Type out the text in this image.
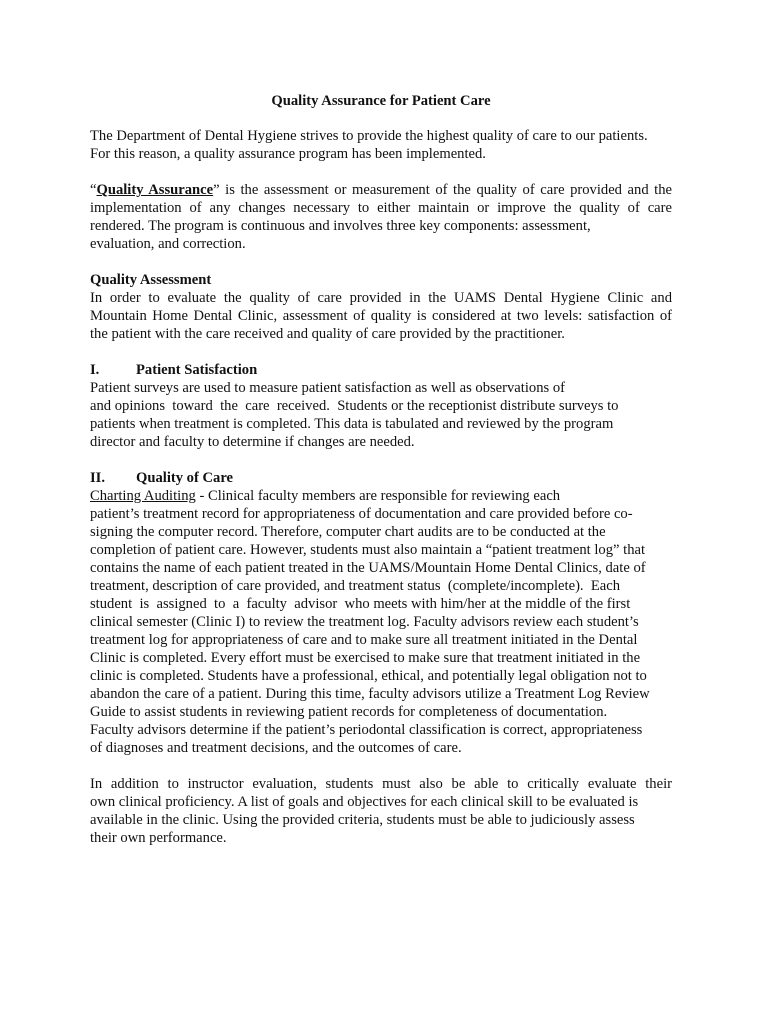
Quality Assurance for Patient Care
The Department of Dental Hygiene strives to provide the highest quality of care to our patients.
For this reason, a quality assurance program has been implemented.
“Quality Assurance” is the assessment or measurement of the quality of care provided and the
implementation of any changes necessary to either maintain or improve the quality of care
rendered. The program is continuous and involves three key components: assessment,
evaluation, and correction.
Quality Assessment
In order to evaluate the quality of care provided in the UAMS Dental Hygiene Clinic and
Mountain Home Dental Clinic, assessment of quality is considered at two levels: satisfaction of
the patient with the care received and quality of care provided by the practitioner.
I.	Patient Satisfaction
Patient surveys are used to measure patient satisfaction as well as observations of
and opinions  toward  the  care  received.  Students or the receptionist distribute surveys to
patients when treatment is completed. This data is tabulated and reviewed by the program
director and faculty to determine if changes are needed.
II. Quality of Care
Charting Auditing - Clinical faculty members are responsible for reviewing each
patient’s treatment record for appropriateness of documentation and care provided before co-
signing the computer record. Therefore, computer chart audits are to be conducted at the
completion of patient care. However, students must also maintain a “patient treatment log” that
contains the name of each patient treated in the UAMS/Mountain Home Dental Clinics, date of
treatment, description of care provided, and treatment status  (complete/incomplete).  Each
student  is  assigned  to  a  faculty  advisor  who meets with him/her at the middle of the first
clinical semester (Clinic I) to review the treatment log. Faculty advisors review each student’s
treatment log for appropriateness of care and to make sure all treatment initiated in the Dental
Clinic is completed. Every effort must be exercised to make sure that treatment initiated in the
clinic is completed. Students have a professional, ethical, and potentially legal obligation not to
abandon the care of a patient. During this time, faculty advisors utilize a Treatment Log Review
Guide to assist students in reviewing patient records for completeness of documentation.
Faculty advisors determine if the patient’s periodontal classification is correct, appropriateness
of diagnoses and treatment decisions, and the outcomes of care.
In addition to instructor evaluation, students must also be able to critically evaluate their
own clinical proficiency. A list of goals and objectives for each clinical skill to be evaluated is
available in the clinic. Using the provided criteria, students must be able to judiciously assess
their own performance.
